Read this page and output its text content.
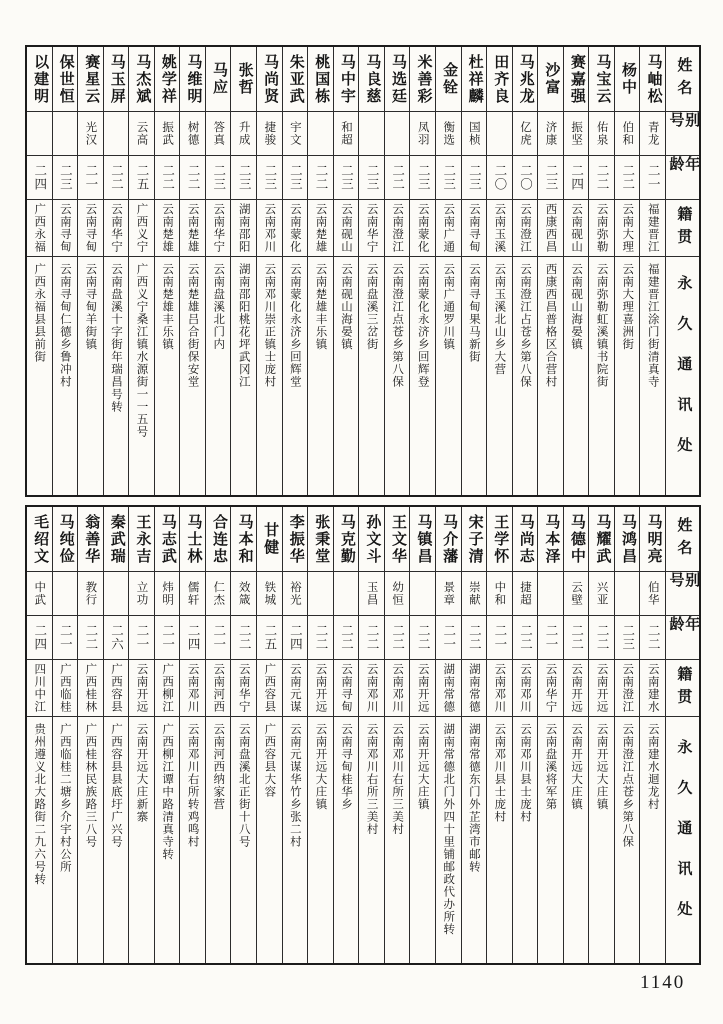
姓名
别号
年龄
籍贯
永久通讯处
马岫松
青龙
二一
福建晋江
福建晋江涂门街清真寺
杨中
伯和
二二
云南大理
云南大理喜洲街
马宝云
佑泉
二二
云南弥勒
云南弥勒虹溪镇书院街
赛嘉强
振坚
二四
云南砚山
云南砚山海晏镇
沙富
济康
二三
西康西昌
西康西昌普格区合营村
马兆龙
亿虎
二〇
云南澄江
云南澄江占苍乡第八保
田齐良
二〇
云南玉溪
云南玉溪北山乡大营
杜祥麟
国桢
二三
云南寻甸
云南寻甸果马新街
金铨
衡选
二三
云南广通
云南广通罗川镇
米善彩
凤羽
二三
云南蒙化
云南蒙化永济乡回辉登
马选廷
二二
云南澄江
云南澄江点苍乡第八保
马良慈
二三
云南华宁
云南盘溪三岔街
马中宇
和超
二三
云南砚山
云南砚山海晏镇
桃国栋
二二
云南楚雄
云南楚雄丰乐镇
朱亚武
宇文
二三
云南蒙化
云南蒙化永济乡回辉堂
马尚贤
捷骏
二三
云南邓川
云南邓川崇正镇士庞村
张哲
升成
二三
湖南邵阳
湖南邵阳桃花坪武冈江
马应
答真
二三
云南华宁
云南盘溪北门内
马维明
树德
二二
云南楚雄
云南楚雄吕合街保安堂
姚学祥
振武
二二
云南楚雄
云南楚雄丰乐镇
马杰斌
云高
二五
广西义宁
广西义宁桑江镇水源街一一五号
马玉屏
二二
云南华宁
云南盘溪十字街年瑞昌号转
赛星云
光汉
二一
云南寻甸
云南寻甸羊街镇
保世恒
二三
云南寻甸
云南寻甸仁德乡鲁冲村
以建明
二四
广西永福
广西永福县县前街
姓名
别号
年龄
籍贯
永久通讯处
马明亮
伯华
二二
云南建水
云南建水迴龙村
马鸿昌
二三
云南澄江
云南澄江点苍乡第八保
马耀武
兴亚
二二
云南开远
云南开远大庄镇
马德中
云壁
二二
云南开远
云南开远大庄镇
马本泽
二一
云南华宁
云南盘溪将军第
马尚志
捷超
二二
云南邓川
云南邓川县士庞村
王学怀
中和
二一
云南邓川
云南邓川县士庞村
宋子清
崇献
二二
湖南常德
湖南常德东门外芷湾市邮转
马介藩
景章
二一
湖南常德
湖南常德北门外四十里铺邮政代办所转
马镇昌
二二
云南开远
云南开远大庄镇
王文华
幼恒
二二
云南邓川
云南邓川右所三美村
孙文斗
玉昌
二二
云南邓川
云南邓川右所三美村
马克勤
二二
云南寻甸
云南寻甸桂华乡
张秉堂
二二
云南开远
云南开远大庄镇
李振华
裕光
二四
云南元谋
云南元谋华竹乡张二村
甘健
铁城
二五
广西容县
广西容县大容
马本和
效箴
二二
云南华宁
云南盘溪北正街十八号
合连忠
仁杰
二一
云南河西
云南河西纳家营
马士林
儒轩
二四
云南邓川
云南邓川右所转鸡鸣村
马志武
炜明
二一
广西柳江
广西柳江谭中路清真寺转
王永吉
立功
二一
云南开远
云南开远大庄新寨
秦武瑞
二六
广西容县
广西容县县底圩广兴号
翁善华
教行
二二
广西桂林
广西桂林民族路三八号
马纯俭
二一
广西临桂
广西临桂二塘乡介宇村公所
毛绍文
中武
二四
四川中江
贵州遵义北大路街二九六号转
1140
